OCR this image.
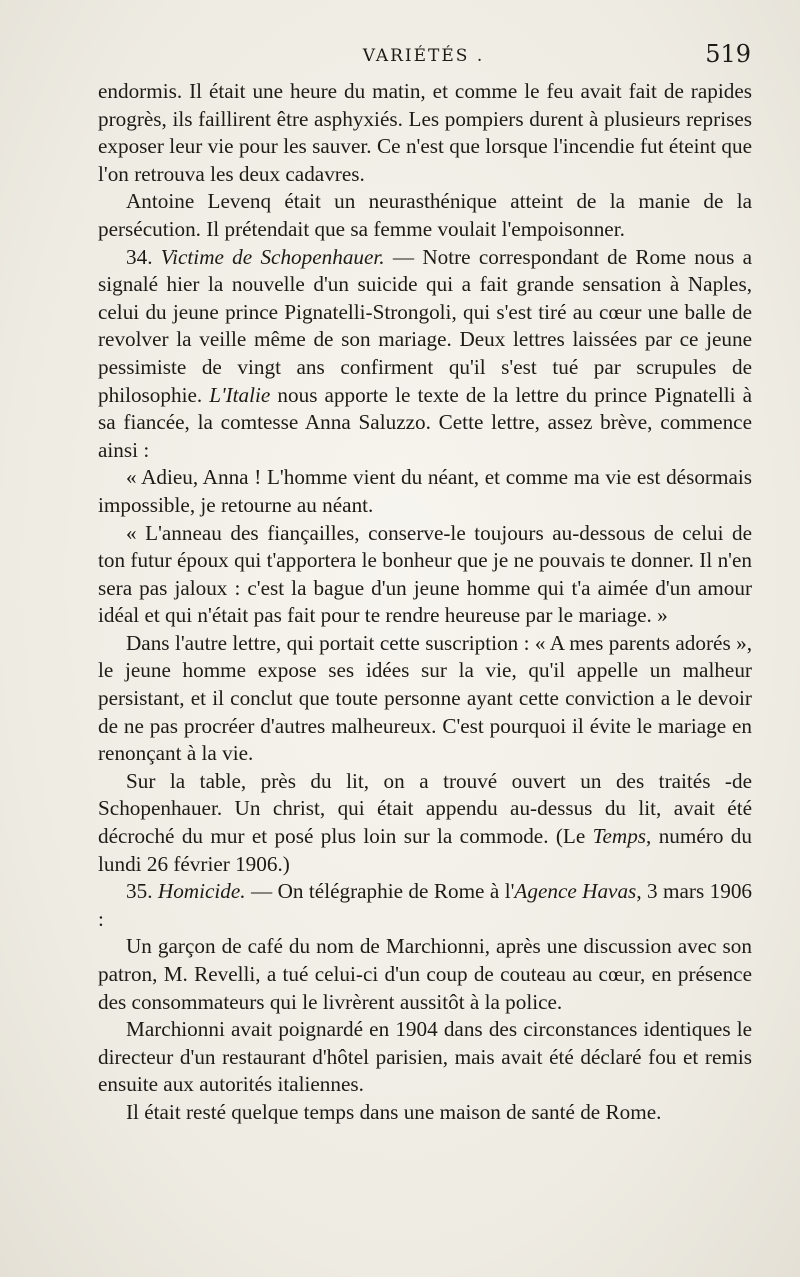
VARIÉTÉS .	519

endormis. Il était une heure du matin, et comme le feu avait fait de rapides progrès, ils faillirent être asphyxiés. Les pompiers durent à plusieurs reprises exposer leur vie pour les sauver. Ce n'est que lorsque l'incendie fut éteint que l'on retrouva les deux cadavres.

Antoine Levenq était un neurasthénique atteint de la manie de la persécution. Il prétendait que sa femme voulait l'empoisonner.

34. Victime de Schopenhauer. — Notre correspondant de Rome nous a signalé hier la nouvelle d'un suicide qui a fait grande sensation à Naples, celui du jeune prince Pignatelli-Strongoli, qui s'est tiré au cœur une balle de revolver la veille même de son mariage. Deux lettres laissées par ce jeune pessimiste de vingt ans confirment qu'il s'est tué par scrupules de philosophie. L'Italie nous apporte le texte de la lettre du prince Pignatelli à sa fiancée, la comtesse Anna Saluzzo. Cette lettre, assez brève, commence ainsi :

« Adieu, Anna ! L'homme vient du néant, et comme ma vie est désormais impossible, je retourne au néant.

« L'anneau des fiançailles, conserve-le toujours au-dessous de celui de ton futur époux qui t'apportera le bonheur que je ne pouvais te donner. Il n'en sera pas jaloux : c'est la bague d'un jeune homme qui t'a aimée d'un amour idéal et qui n'était pas fait pour te rendre heureuse par le mariage. »

Dans l'autre lettre, qui portait cette suscription : « A mes parents adorés », le jeune homme expose ses idées sur la vie, qu'il appelle un malheur persistant, et il conclut que toute personne ayant cette conviction a le devoir de ne pas procréer d'autres malheureux. C'est pourquoi il évite le mariage en renonçant à la vie.

Sur la table, près du lit, on a trouvé ouvert un des traités -de Schopenhauer. Un christ, qui était appendu au-dessus du lit, avait été décroché du mur et posé plus loin sur la commode. (Le Temps, numéro du lundi 26 février 1906.)

35. Homicide. — On télégraphie de Rome à l'Agence Havas, 3 mars 1906 :

Un garçon de café du nom de Marchionni, après une discussion avec son patron, M. Revelli, a tué celui-ci d'un coup de couteau au cœur, en présence des consommateurs qui le livrèrent aussitôt à la police.

Marchionni avait poignardé en 1904 dans des circonstances identiques le directeur d'un restaurant d'hôtel parisien, mais avait été déclaré fou et remis ensuite aux autorités italiennes.

Il était resté quelque temps dans une maison de santé de Rome.
